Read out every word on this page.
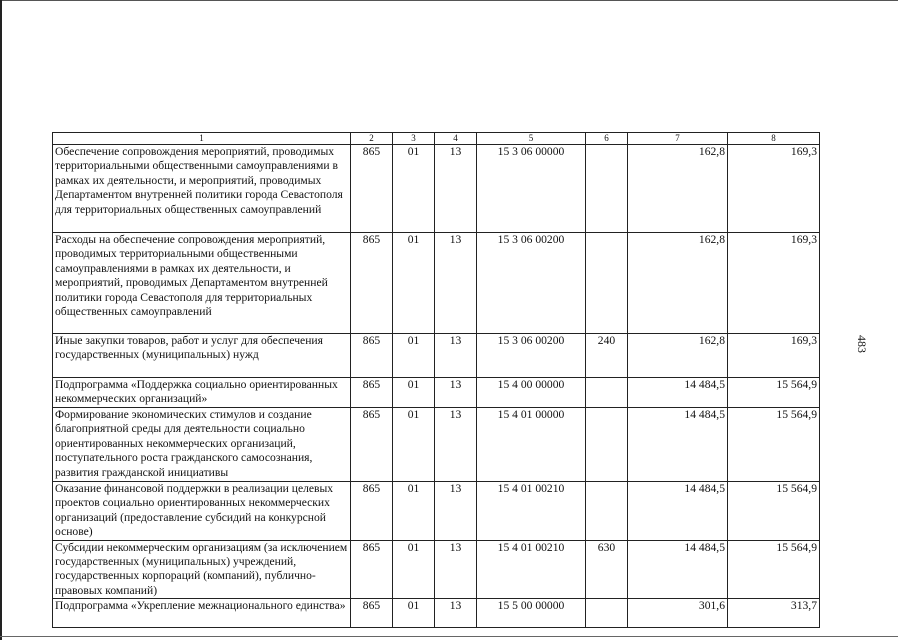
483
1	2	3	4	5	6	7	8
Обеспечение сопровождения мероприятий, проводимых территориальными общественными самоуправлениями в рамках их деятельности, и мероприятий, проводимых Департаментом внутренней политики города Севастополя для территориальных общественных самоуправлений	865	01	13	15 3 06 00000		162,8	169,3
Расходы на обеспечение сопровождения мероприятий, проводимых территориальными общественными самоуправлениями в рамках их деятельности, и мероприятий, проводимых Департаментом внутренней политики города Севастополя для территориальных общественных самоуправлений	865	01	13	15 3 06 00200		162,8	169,3
Иные закупки товаров, работ и услуг для обеспечения государственных (муниципальных) нужд	865	01	13	15 3 06 00200	240	162,8	169,3
Подпрограмма «Поддержка социально ориентированных некоммерческих организаций»	865	01	13	15 4 00 00000		14 484,5	15 564,9
Формирование экономических стимулов и создание благоприятной среды для деятельности социально ориентированных некоммерческих организаций, поступательного роста гражданского самосознания, развития гражданской инициативы	865	01	13	15 4 01 00000		14 484,5	15 564,9
Оказание финансовой поддержки в реализации целевых проектов социально ориентированных некоммерческих организаций (предоставление субсидий на конкурсной основе)	865	01	13	15 4 01 00210		14 484,5	15 564,9
Субсидии некоммерческим организациям (за исключением государственных (муниципальных) учреждений, государственных корпораций (компаний), публично-правовых компаний)	865	01	13	15 4 01 00210	630	14 484,5	15 564,9
Подпрограмма «Укрепление межнационального единства»	865	01	13	15 5 00 00000		301,6	313,7
